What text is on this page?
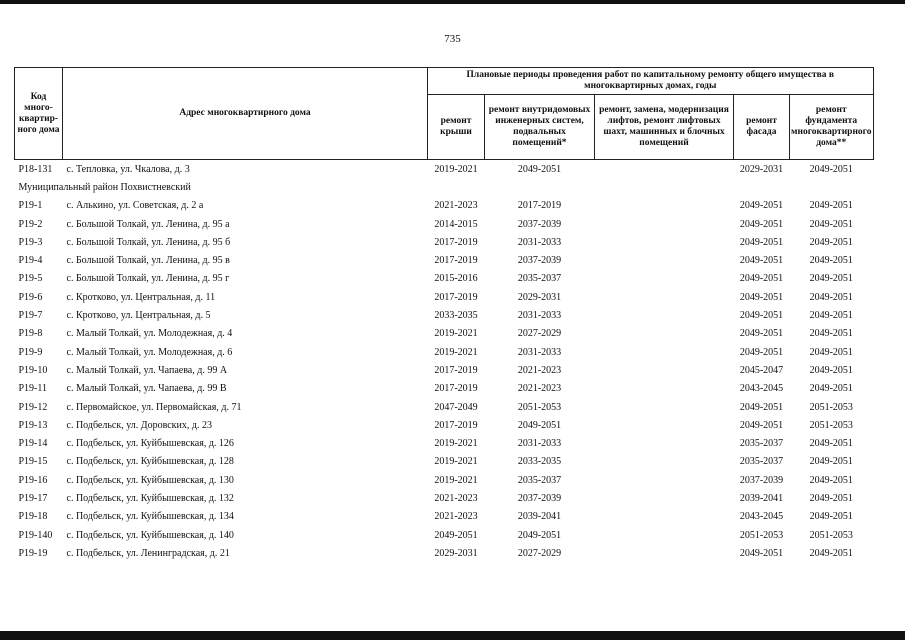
735
Код много-квартир-ного дома	Адрес многоквартирного дома	Плановые периоды проведения работ по капитальному ремонту общего имущества в многоквартирных домах, годы				
		ремонт крыши	ремонт внутридомовых инженерных систем, подвальных помещений*	ремонт, замена, модернизация лифтов, ремонт лифтовых шахт, машинных и блочных помещений	ремонт фасада	ремонт фундамента многоквартирного дома**
Р18-131	с. Тепловка, ул. Чкалова, д. 3	2019-2021	2049-2051		2029-2031	2049-2051
Муниципальный район Похвистневский						
Р19-1	с. Алькино, ул. Советская, д. 2 а	2021-2023	2017-2019		2049-2051	2049-2051
Р19-2	с. Большой Толкай, ул. Ленина, д. 95 а	2014-2015	2037-2039		2049-2051	2049-2051
Р19-3	с. Большой Толкай, ул. Ленина, д. 95 б	2017-2019	2031-2033		2049-2051	2049-2051
Р19-4	с. Большой Толкай, ул. Ленина, д. 95 в	2017-2019	2037-2039		2049-2051	2049-2051
Р19-5	с. Большой Толкай, ул. Ленина, д. 95 г	2015-2016	2035-2037		2049-2051	2049-2051
Р19-6	с. Кротково, ул. Центральная, д. 11	2017-2019	2029-2031		2049-2051	2049-2051
Р19-7	с. Кротково, ул. Центральная, д. 5	2033-2035	2031-2033		2049-2051	2049-2051
Р19-8	с. Малый Толкай, ул. Молодежная, д. 4	2019-2021	2027-2029		2049-2051	2049-2051
Р19-9	с. Малый Толкай, ул. Молодежная, д. 6	2019-2021	2031-2033		2049-2051	2049-2051
Р19-10	с. Малый Толкай, ул. Чапаева, д. 99 А	2017-2019	2021-2023		2045-2047	2049-2051
Р19-11	с. Малый Толкай, ул. Чапаева, д. 99 В	2017-2019	2021-2023		2043-2045	2049-2051
Р19-12	с. Первомайское, ул. Первомайская, д. 71	2047-2049	2051-2053		2049-2051	2051-2053
Р19-13	с. Подбельск, ул. Доровских, д. 23	2017-2019	2049-2051		2049-2051	2051-2053
Р19-14	с. Подбельск, ул. Куйбышевская, д. 126	2019-2021	2031-2033		2035-2037	2049-2051
Р19-15	с. Подбельск, ул. Куйбышевская, д. 128	2019-2021	2033-2035		2035-2037	2049-2051
Р19-16	с. Подбельск, ул. Куйбышевская, д. 130	2019-2021	2035-2037		2037-2039	2049-2051
Р19-17	с. Подбельск, ул. Куйбышевская, д. 132	2021-2023	2037-2039		2039-2041	2049-2051
Р19-18	с. Подбельск, ул. Куйбышевская, д. 134	2021-2023	2039-2041		2043-2045	2049-2051
Р19-140	с. Подбельск, ул. Куйбышевская, д. 140	2049-2051	2049-2051		2051-2053	2051-2053
Р19-19	с. Подбельск, ул. Ленинградская, д. 21	2029-2031	2027-2029		2049-2051	2049-2051
